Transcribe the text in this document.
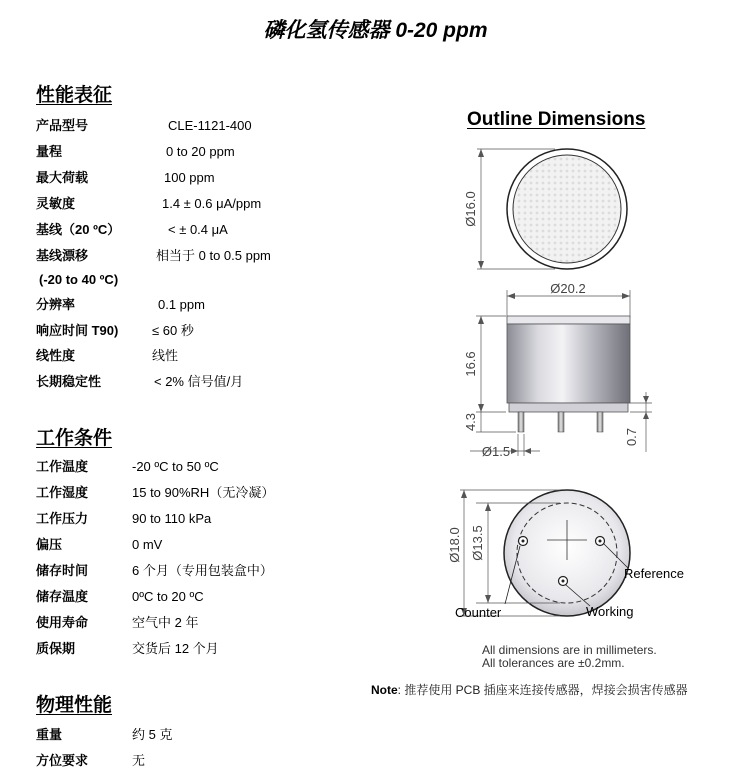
磷化氢传感器 0-20 ppm
性能表征
产品型号	CLE-1121-400
量程	0 to 20 ppm
最大荷载	100 ppm
灵敏度	1.4 ± 0.6 μA/ppm
基线（20 ºC）	< ± 0.4 μA
基线漂移	相当于 0 to 0.5 ppm
(-20 to 40 ºC)
分辨率	0.1 ppm
响应时间 T90)	≤ 60 秒
线性度	线性
长期稳定性	< 2% 信号值/月
工作条件
工作温度	-20 ºC to 50 ºC
工作湿度	15 to 90%RH（无冷凝）
工作压力	90 to 110 kPa
偏压	0 mV
储存时间	6 个月（专用包装盒中）
储存温度	0ºC to 20 ºC
使用寿命	空气中 2 年
质保期	交货后 12 个月
物理性能
重量	约 5 克
方位要求	无
Outline Dimensions
Ø16.0
Ø20.2
16.6
4.3
Ø1.5
0.7
Ø18.0 Ø13.5
Reference
Counter	Working
All dimensions are in millimeters.
All tolerances are ±0.2mm.
Note: 推荐使用 PCB 插座来连接传感器，焊接会损害传感器
